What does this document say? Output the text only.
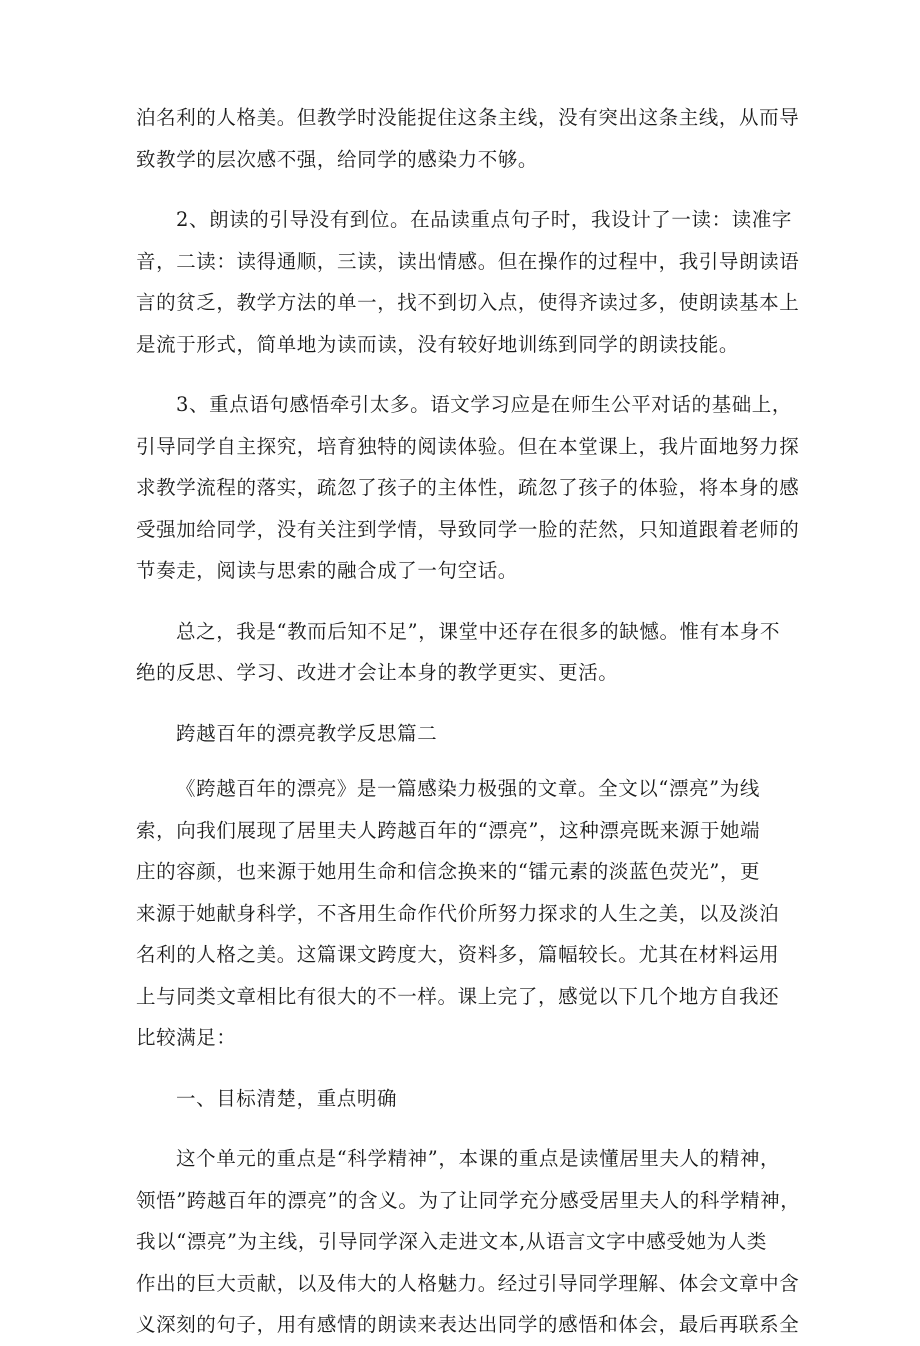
泊名利的人格美。但教学时没能捉住这条主线，没有突出这条主线，从而导
致教学的层次感不强，给同学的感染力不够。

2、朗读的引导没有到位。在品读重点句子时，我设计了一读：读准字
音，二读：读得通顺，三读，读出情感。但在操作的过程中，我引导朗读语
言的贫乏，教学方法的单一，找不到切入点，使得齐读过多，使朗读基本上
是流于形式，简单地为读而读，没有较好地训练到同学的朗读技能。

3、重点语句感悟牵引太多。语文学习应是在师生公平对话的基础上，
引导同学自主探究，培育独特的阅读体验。但在本堂课上，我片面地努力探
求教学流程的落实，疏忽了孩子的主体性，疏忽了孩子的体验，将本身的感
受强加给同学，没有关注到学情，导致同学一脸的茫然，只知道跟着老师的
节奏走，阅读与思索的融合成了一句空话。

总之，我是“教而后知不足”，课堂中还存在很多的缺憾。惟有本身不
绝的反思、学习、改进才会让本身的教学更实、更活。

跨越百年的漂亮教学反思篇二

《跨越百年的漂亮》是一篇感染力极强的文章。全文以“漂亮”为线
索，向我们展现了居里夫人跨越百年的“漂亮”，这种漂亮既来源于她端
庄的容颜，也来源于她用生命和信念换来的“镭元素的淡蓝色荧光”，更
来源于她献身科学，不吝用生命作代价所努力探求的人生之美，以及淡泊
名利的人格之美。这篇课文跨度大，资料多，篇幅较长。尤其在材料运用
上与同类文章相比有很大的不一样。课上完了，感觉以下几个地方自我还
比较满足：

一、目标清楚，重点明确

这个单元的重点是“科学精神”，本课的重点是读懂居里夫人的精神，
领悟”跨越百年的漂亮”的含义。为了让同学充分感受居里夫人的科学精神，
我以“漂亮”为主线，引导同学深入走进文本,从语言文字中感受她为人类
作出的巨大贡献，以及伟大的人格魅力。经过引导同学理解、体会文章中含
义深刻的句子，用有感情的朗读来表达出同学的感悟和体会，最后再联系全
